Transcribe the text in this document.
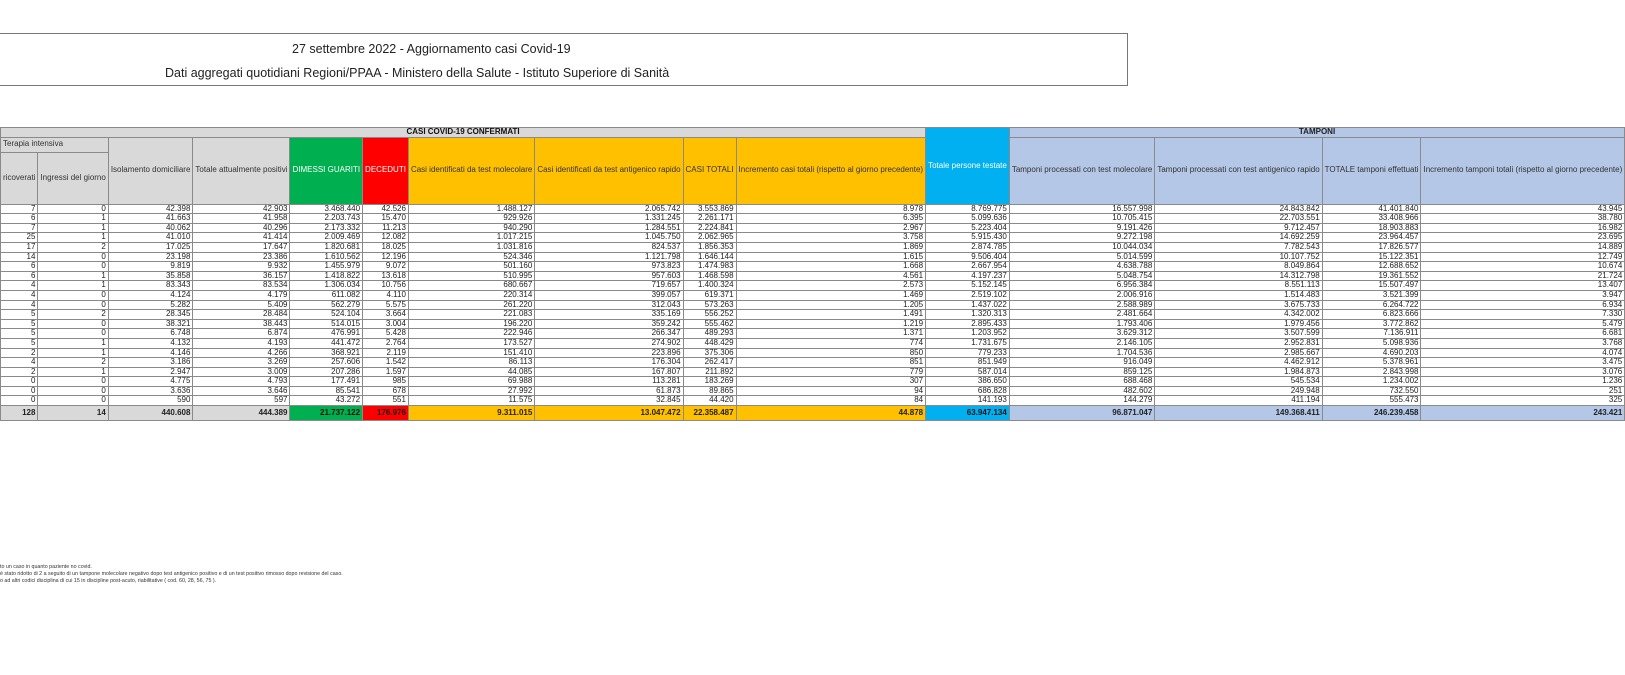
27 settembre 2022 - Aggiornamento casi Covid-19
Dati aggregati quotidiani Regioni/PPAA - Ministero della Salute - Istituto Superiore di Sanità
CASI COVID-19 CONFERMATI										Totale persone testate	TAMPONI			
Terapia intensiva		Isolamento domiciliare	Totale attualmente positivi	DIMESSI GUARITI	DECEDUTI	Casi identificati da test molecolare	Casi identificati da test antigenico rapido	CASI TOTALI	Incremento casi totali (rispetto al giorno precedente)		Tamponi processati con test molecolare	Tamponi processati con test antigenico rapido	TOTALE tamponi effettuati	Incremento tamponi totali (rispetto al giorno precedente)
ricoverati	Ingressi del giorno													
7	0	42.398	42.903	3.468.440	42.526	1.488.127	2.065.742	3.553.869	8.978	8.769.775	16.557.998	24.843.842	41.401.840	43.945
6	1	41.663	41.958	2.203.743	15.470	929.926	1.331.245	2.261.171	6.395	5.099.636	10.705.415	22.703.551	33.408.966	38.780
7	1	40.062	40.296	2.173.332	11.213	940.290	1.284.551	2.224.841	2.967	5.223.404	9.191.426	9.712.457	18.903.883	16.982
25	1	41.010	41.414	2.009.469	12.082	1.017.215	1.045.750	2.062.965	3.758	5.915.430	9.272.198	14.692.259	23.964.457	23.695
17	2	17.025	17.647	1.820.681	18.025	1.031.816	824.537	1.856.353	1.869	2.874.785	10.044.034	7.782.543	17.826.577	14.889
14	0	23.198	23.386	1.610.562	12.196	524.346	1.121.798	1.646.144	1.615	9.506.404	5.014.599	10.107.752	15.122.351	12.749
6	0	9.819	9.932	1.455.979	9.072	501.160	973.823	1.474.983	1.668	2.667.954	4.638.788	8.049.864	12.688.652	10.674
6	1	35.858	36.157	1.418.822	13.618	510.995	957.603	1.468.598	4.561	4.197.237	5.048.754	14.312.798	19.361.552	21.724
4	1	83.343	83.534	1.306.034	10.756	680.667	719.657	1.400.324	2.573	5.152.145	6.956.384	8.551.113	15.507.497	13.407
4	0	4.124	4.179	611.082	4.110	220.314	399.057	619.371	1.469	2.519.102	2.006.916	1.514.483	3.521.399	3.947
4	0	5.282	5.409	562.279	5.575	261.220	312.043	573.263	1.205	1.437.022	2.588.989	3.675.733	6.264.722	6.934
5	2	28.345	28.484	524.104	3.664	221.083	335.169	556.252	1.491	1.320.313	2.481.664	4.342.002	6.823.666	7.330
5	0	38.321	38.443	514.015	3.004	196.220	359.242	555.462	1.219	2.895.433	1.793.406	1.979.456	3.772.862	5.479
5	0	6.748	6.874	476.991	5.428	222.946	266.347	489.293	1.371	1.203.952	3.629.312	3.507.599	7.136.911	6.681
5	1	4.132	4.193	441.472	2.764	173.527	274.902	448.429	774	1.731.675	2.146.105	2.952.831	5.098.936	3.768
2	1	4.146	4.266	368.921	2.119	151.410	223.896	375.306	850	779.233	1.704.536	2.985.667	4.690.203	4.074
4	2	3.186	3.269	257.606	1.542	86.113	176.304	262.417	851	851.949	916.049	4.462.912	5.378.961	3.475
2	1	2.947	3.009	207.286	1.597	44.085	167.807	211.892	779	587.014	859.125	1.984.873	2.843.998	3.076
0	0	4.775	4.793	177.491	985	69.988	113.281	183.269	307	386.650	688.468	545.534	1.234.002	1.236
0	0	3.636	3.646	85.541	678	27.992	61.873	89.865	94	686.828	482.602	249.948	732.550	251
0	0	590	597	43.272	551	11.575	32.845	44.420	84	141.193	144.279	411.194	555.473	325
128	14	440.608	444.389	21.737.122	176.976	9.311.015	13.047.472	22.358.487	44.878	63.947.134	96.871.047	149.368.411	246.239.458	243.421
to un caso in quanto paziente no covid.
è stato ridotto di 2 a seguito di un tampone molecolare negativo dopo test antigenico positivo e di un test positivo rimosso dopo revisione del caso.
o ad altri codici disciplina di cui 15 in discipline post-acuto, riabilitative ( cod. 60, 28, 56, 75 ).
